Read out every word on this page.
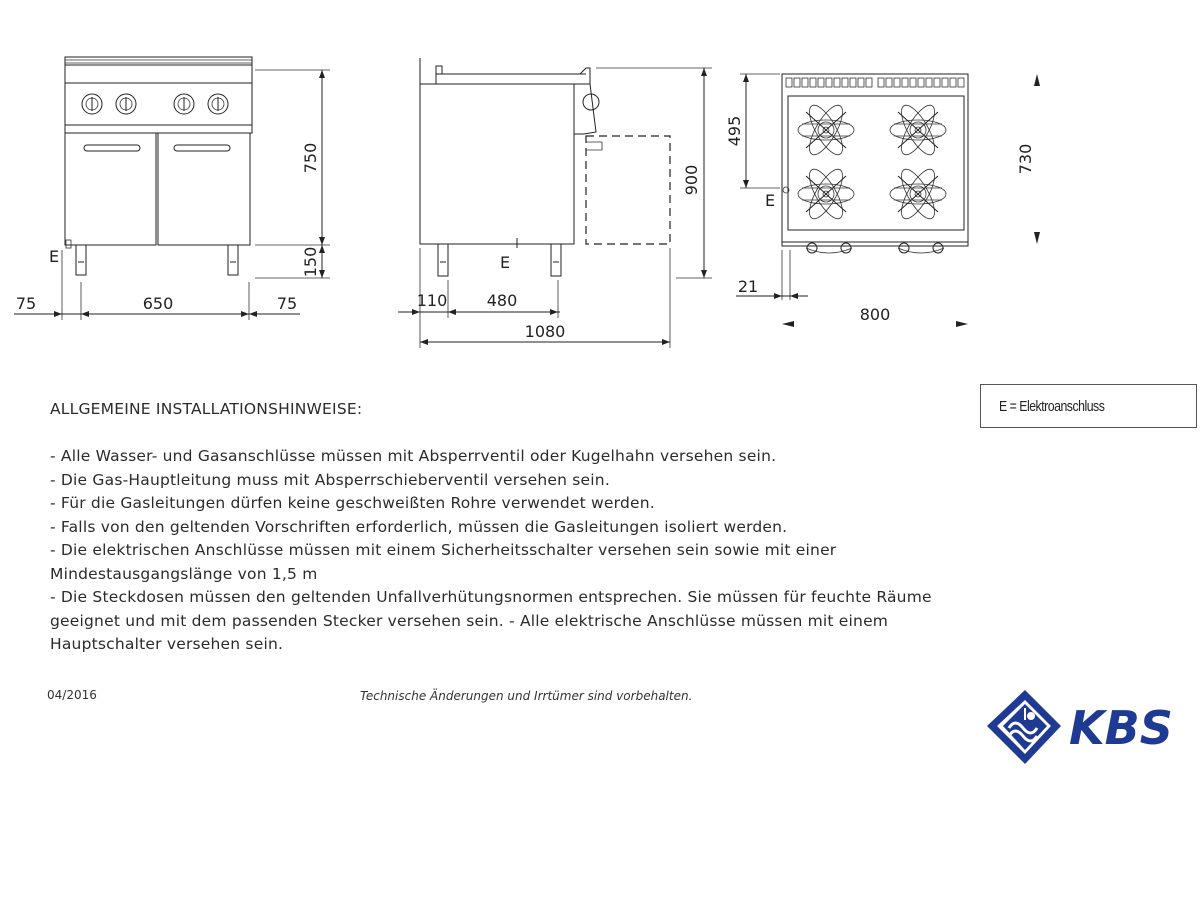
E
750
150
75	650	75
E
900
110 480
1080
E
495
730
21
800
E = Elektroanschluss
ALLGEMEINE INSTALLATIONSHINWEISE:
- Alle Wasser- und Gasanschlüsse müssen mit Absperrventil oder Kugelhahn versehen sein.
- Die Gas-Hauptleitung muss mit Absperrschieberventil versehen sein.
- Für die Gasleitungen dürfen keine geschweißten Rohre verwendet werden.
- Falls von den geltenden Vorschriften erforderlich, müssen die Gasleitungen isoliert werden.
- Die elektrischen Anschlüsse müssen mit einem Sicherheitsschalter versehen sein sowie mit einer Mindestausgangslänge von 1,5 m
- Die Steckdosen müssen den geltenden Unfallverhütungsnormen entsprechen. Sie müssen für feuchte Räume geeignet und mit dem passenden Stecker versehen sein. - Alle elektrische Anschlüsse müssen mit einem Hauptschalter versehen sein.
04/2016	Technische Änderungen und Irrtümer sind vorbehalten.
KBS
